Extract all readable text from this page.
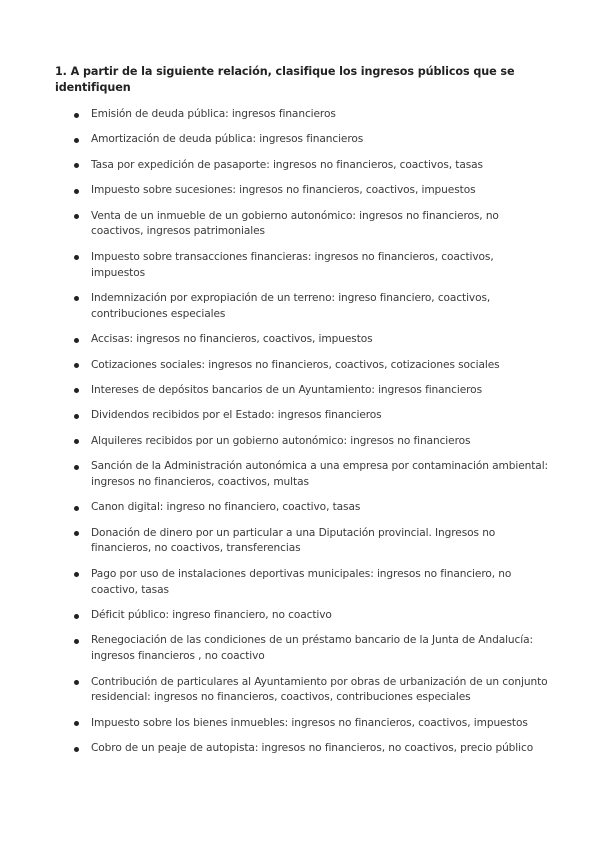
1. A partir de la siguiente relación, clasifique los ingresos públicos que se identifiquen
Emisión de deuda pública: ingresos financieros
Amortización de deuda pública: ingresos financieros
Tasa por expedición de pasaporte: ingresos no financieros, coactivos, tasas
Impuesto sobre sucesiones: ingresos no financieros, coactivos, impuestos
Venta de un inmueble de un gobierno autonómico: ingresos no financieros, no coactivos, ingresos patrimoniales
Impuesto sobre transacciones financieras: ingresos no financieros, coactivos, impuestos
Indemnización por expropiación de un terreno: ingreso financiero, coactivos, contribuciones especiales
Accisas: ingresos no financieros, coactivos, impuestos
Cotizaciones sociales: ingresos no financieros, coactivos, cotizaciones sociales
Intereses de depósitos bancarios de un Ayuntamiento: ingresos financieros
Dividendos recibidos por el Estado: ingresos financieros
Alquileres recibidos por un gobierno autonómico: ingresos no financieros
Sanción de la Administración autonómica a una empresa por contaminación ambiental: ingresos no financieros, coactivos, multas
Canon digital: ingreso no financiero, coactivo, tasas
Donación de dinero por un particular a una Diputación provincial. Ingresos no financieros, no coactivos, transferencias
Pago por uso de instalaciones deportivas municipales: ingresos no financiero, no coactivo, tasas
Déficit público: ingreso financiero, no coactivo
Renegociación de las condiciones de un préstamo bancario de la Junta de Andalucía: ingresos financieros , no coactivo
Contribución de particulares al Ayuntamiento por obras de urbanización de un conjunto residencial: ingresos no financieros, coactivos, contribuciones especiales
Impuesto sobre los bienes inmuebles: ingresos no financieros, coactivos, impuestos
Cobro de un peaje de autopista: ingresos no financieros, no coactivos, precio público
